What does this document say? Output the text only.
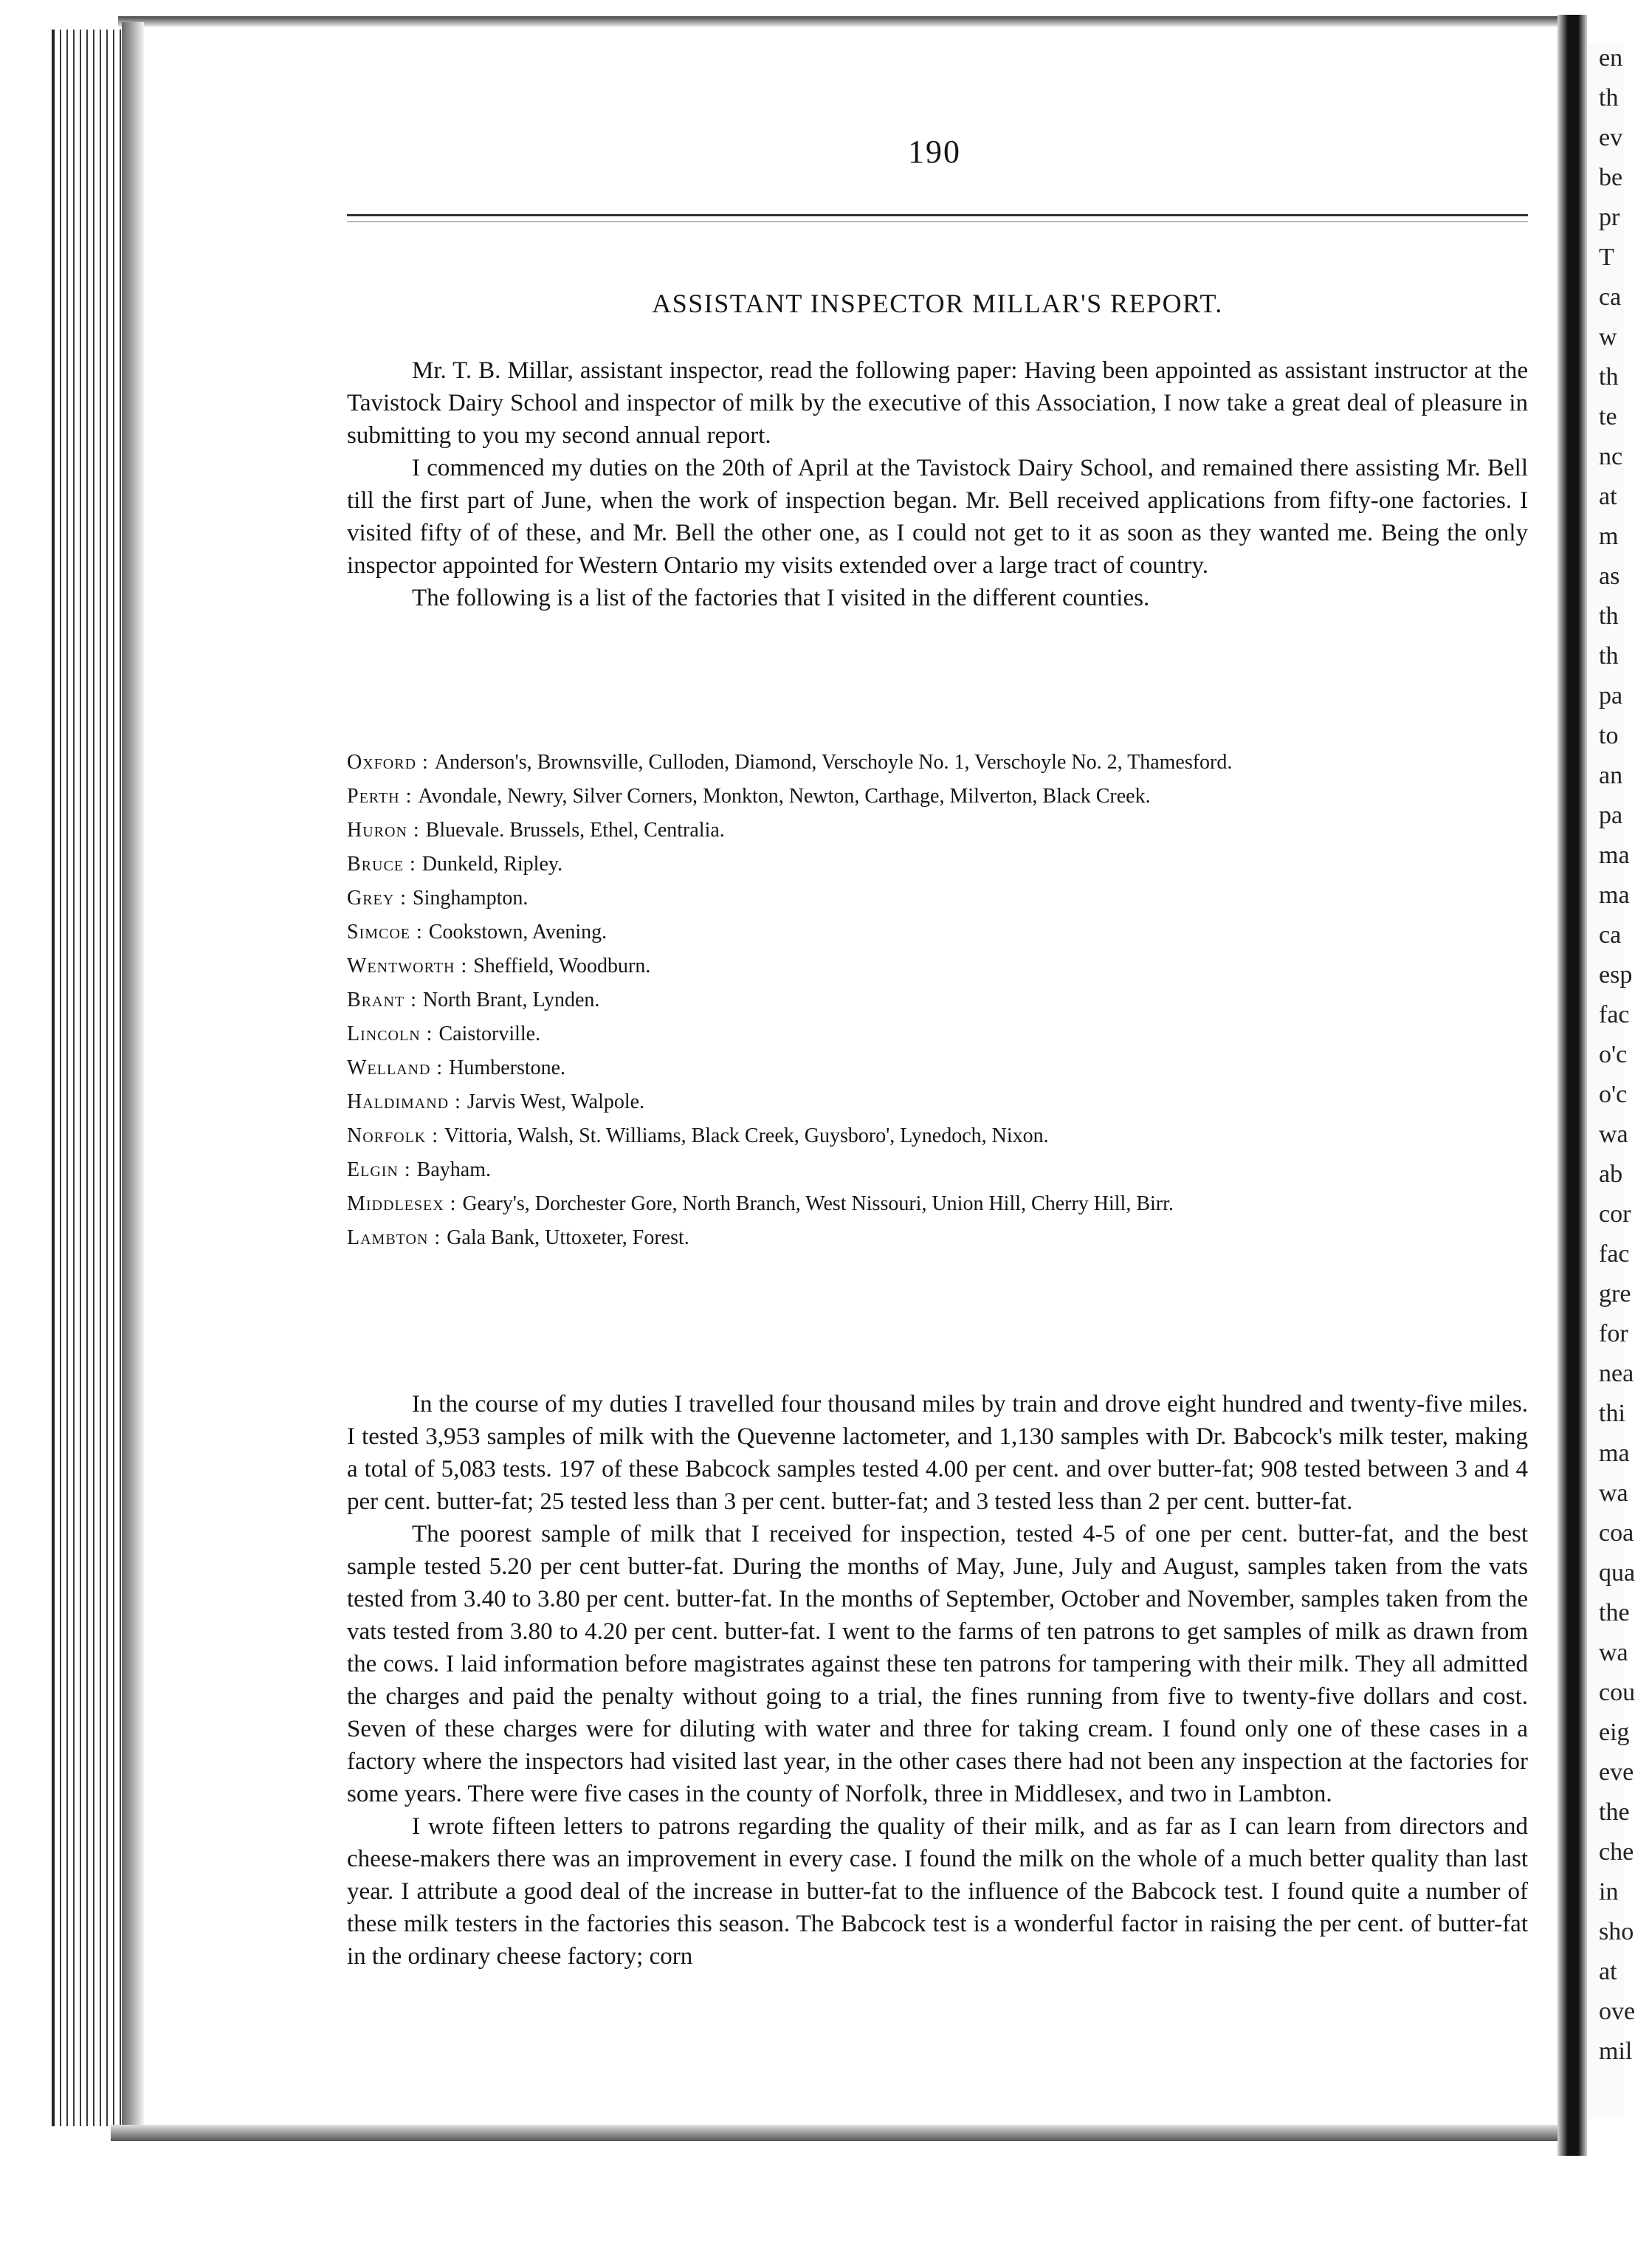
en
th
ev
be
pr
T
ca
w
th
te
nc
at
m
as
th
th
pa
to
an
pa
ma
ma
ca
esp
fac
o'c
o'c
wa
ab
cor
fac
gre
for
nea
thi
ma
wa
coa
qua
the
wa
cou
eig
eve
the
che
in
sho
at
ove
mil
190
ASSISTANT INSPECTOR MILLAR'S REPORT.

Mr. T. B. Millar, assistant inspector, read the following paper: Having been appointed as assistant instructor at the Tavistock Dairy School and inspector of milk by the executive of this Association, I now take a great deal of pleasure in submitting to you my second annual report.

I commenced my duties on the 20th of April at the Tavistock Dairy School, and remained there assisting Mr. Bell till the first part of June, when the work of inspection began. Mr. Bell received applications from fifty-one factories. I visited fifty of of these, and Mr. Bell the other one, as I could not get to it as soon as they wanted me. Being the only inspector appointed for Western Ontario my visits extended over a large tract of country.

The following is a list of the factories that I visited in the different counties.

Oxford : Anderson's, Brownsville, Culloden, Diamond, Verschoyle No. 1, Verschoyle No. 2, Thamesford.
Perth : Avondale, Newry, Silver Corners, Monkton, Newton, Carthage, Milverton, Black Creek.
Huron : Bluevale. Brussels, Ethel, Centralia.
Bruce : Dunkeld, Ripley.
Grey : Singhampton.
Simcoe : Cookstown, Avening.
Wentworth : Sheffield, Woodburn.
Brant : North Brant, Lynden.
Lincoln : Caistorville.
Welland : Humberstone.
Haldimand : Jarvis West, Walpole.
Norfolk : Vittoria, Walsh, St. Williams, Black Creek, Guysboro', Lynedoch, Nixon.
Elgin : Bayham.
Middlesex : Geary's, Dorchester Gore, North Branch, West Nissouri, Union Hill, Cherry Hill, Birr.
Lambton : Gala Bank, Uttoxeter, Forest.

In the course of my duties I travelled four thousand miles by train and drove eight hundred and twenty-five miles. I tested 3,953 samples of milk with the Quevenne lactometer, and 1,130 samples with Dr. Babcock's milk tester, making a total of 5,083 tests. 197 of these Babcock samples tested 4.00 per cent. and over butter-fat; 908 tested between 3 and 4 per cent. butter-fat; 25 tested less than 3 per cent. butter-fat; and 3 tested less than 2 per cent. butter-fat.

The poorest sample of milk that I received for inspection, tested 4-5 of one per cent. butter-fat, and the best sample tested 5.20 per cent butter-fat. During the months of May, June, July and August, samples taken from the vats tested from 3.40 to 3.80 per cent. butter-fat. In the months of September, October and November, samples taken from the vats tested from 3.80 to 4.20 per cent. butter-fat. I went to the farms of ten patrons to get samples of milk as drawn from the cows. I laid information before magistrates against these ten patrons for tampering with their milk. They all admitted the charges and paid the penalty without going to a trial, the fines running from five to twenty-five dollars and cost. Seven of these charges were for diluting with water and three for taking cream. I found only one of these cases in a factory where the inspectors had visited last year, in the other cases there had not been any inspection at the factories for some years. There were five cases in the county of Norfolk, three in Middlesex, and two in Lambton.

I wrote fifteen letters to patrons regarding the quality of their milk, and as far as I can learn from directors and cheese-makers there was an improvement in every case. I found the milk on the whole of a much better quality than last year. I attribute a good deal of the increase in butter-fat to the influence of the Babcock test. I found quite a number of these milk testers in the factories this season. The Babcock test is a wonderful factor in raising the per cent. of butter-fat in the ordinary cheese factory; corn
